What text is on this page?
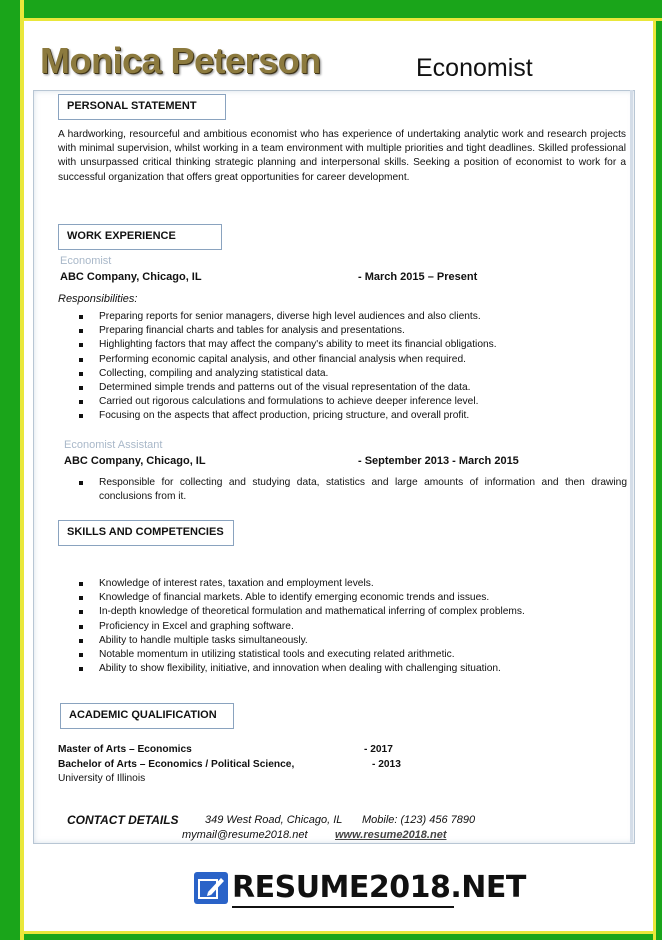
Monica Peterson	Economist
PERSONAL STATEMENT
A hardworking, resourceful and ambitious economist who has experience of undertaking analytic work and research projects with minimal supervision, whilst working in a team environment with multiple priorities and tight deadlines. Skilled professional with unsurpassed critical thinking strategic planning and interpersonal skills. Seeking a position of economist to work for a successful organization that offers great opportunities for career development.
WORK EXPERIENCE
Economist
ABC Company, Chicago, IL	- March 2015 – Present
Responsibilities:
Preparing reports for senior managers, diverse high level audiences and also clients.
Preparing financial charts and tables for analysis and presentations.
Highlighting factors that may affect the company's ability to meet its financial obligations.
Performing economic capital analysis, and other financial analysis when required.
Collecting, compiling and analyzing statistical data.
Determined simple trends and patterns out of the visual representation of the data.
Carried out rigorous calculations and formulations to achieve deeper inference level.
Focusing on the aspects that affect production, pricing structure, and overall profit.
Economist Assistant
ABC Company, Chicago, IL	- September 2013 - March 2015
Responsible for collecting and studying data, statistics and large amounts of information and then drawing conclusions from it.
SKILLS AND COMPETENCIES
Knowledge of interest rates, taxation and employment levels.
Knowledge of financial markets. Able to identify emerging economic trends and issues.
In-depth knowledge of theoretical formulation and mathematical inferring of complex problems.
Proficiency in Excel and graphing software.
Ability to handle multiple tasks simultaneously.
Notable momentum in utilizing statistical tools and executing related arithmetic.
Ability to show flexibility, initiative, and innovation when dealing with challenging situation.
ACADEMIC QUALIFICATION
Master of Arts – Economics	- 2017
Bachelor of Arts – Economics / Political Science,	- 2013
University of Illinois
CONTACT DETAILS 349 West Road, Chicago, IL Mobile: (123) 456 7890
mymail@resume2018.net	www.resume2018.net
RESUME2018.NET
